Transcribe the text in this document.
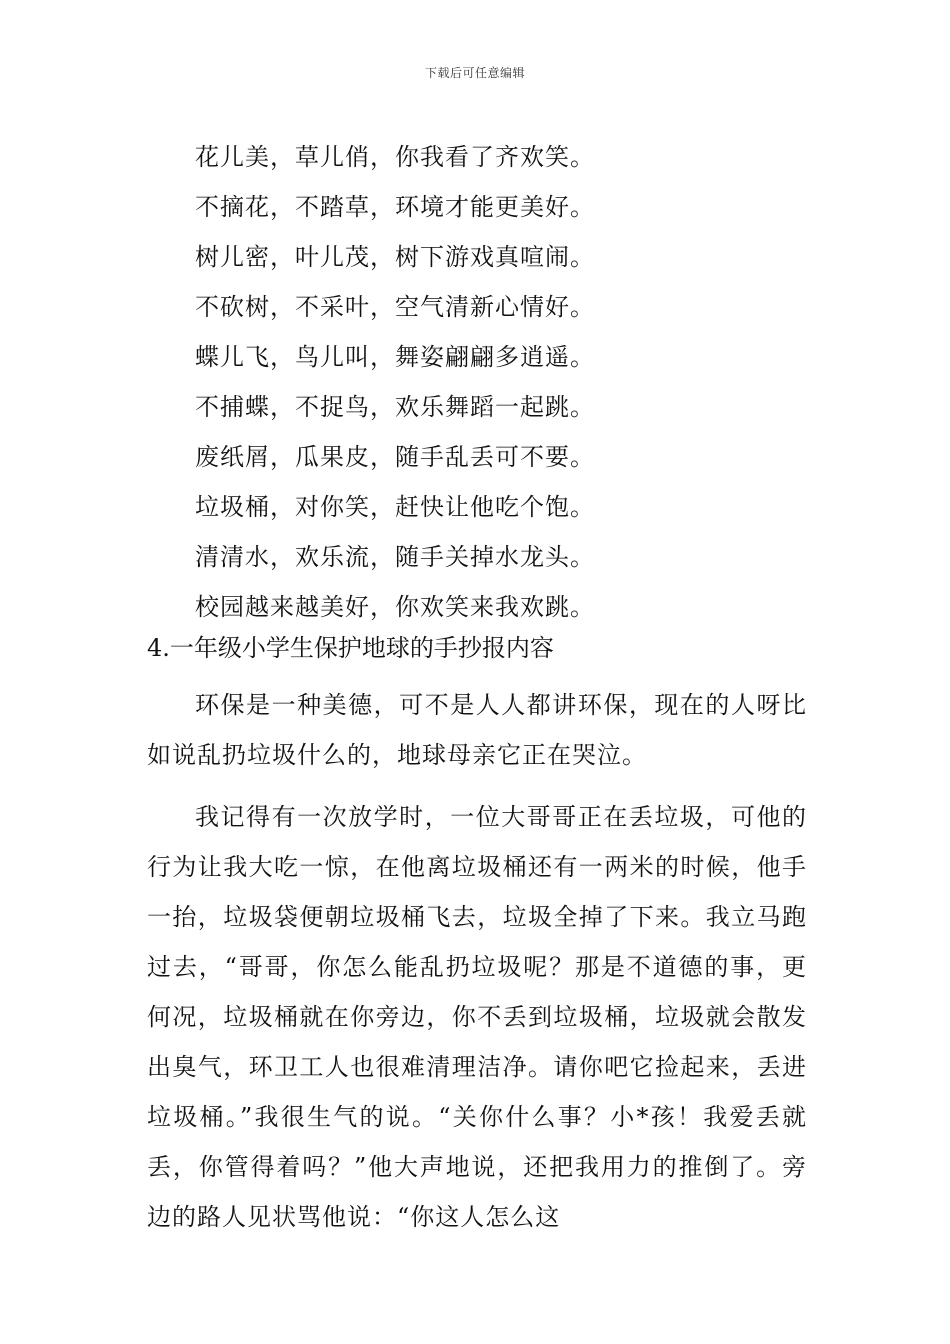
下载后可任意编辑
花儿美，草儿俏，你我看了齐欢笑。
不摘花，不踏草，环境才能更美好。
树儿密，叶儿茂，树下游戏真喧闹。
不砍树，不采叶，空气清新心情好。
蝶儿飞，鸟儿叫，舞姿翩翩多逍遥。
不捕蝶，不捉鸟，欢乐舞蹈一起跳。
废纸屑，瓜果皮，随手乱丢可不要。
垃圾桶，对你笑，赶快让他吃个饱。
清清水，欢乐流，随手关掉水龙头。
校园越来越美好，你欢笑来我欢跳。
4.一年级小学生保护地球的手抄报内容

环保是一种美德，可不是人人都讲环保，现在的人呀比如说乱扔垃圾什么的，地球母亲它正在哭泣。

我记得有一次放学时，一位大哥哥正在丢垃圾，可他的行为让我大吃一惊，在他离垃圾桶还有一两米的时候，他手一抬，垃圾袋便朝垃圾桶飞去，垃圾全掉了下来。我立马跑过去，“哥哥，你怎么能乱扔垃圾呢？那是不道德的事，更何况，垃圾桶就在你旁边，你不丢到垃圾桶，垃圾就会散发出臭气，环卫工人也很难清理洁净。请你吧它捡起来，丢进垃圾桶。”我很生气的说。“关你什么事？小*孩！我爱丢就丢，你管得着吗？”他大声地说，还把我用力的推倒了。旁边的路人见状骂他说：“你这人怎么这
